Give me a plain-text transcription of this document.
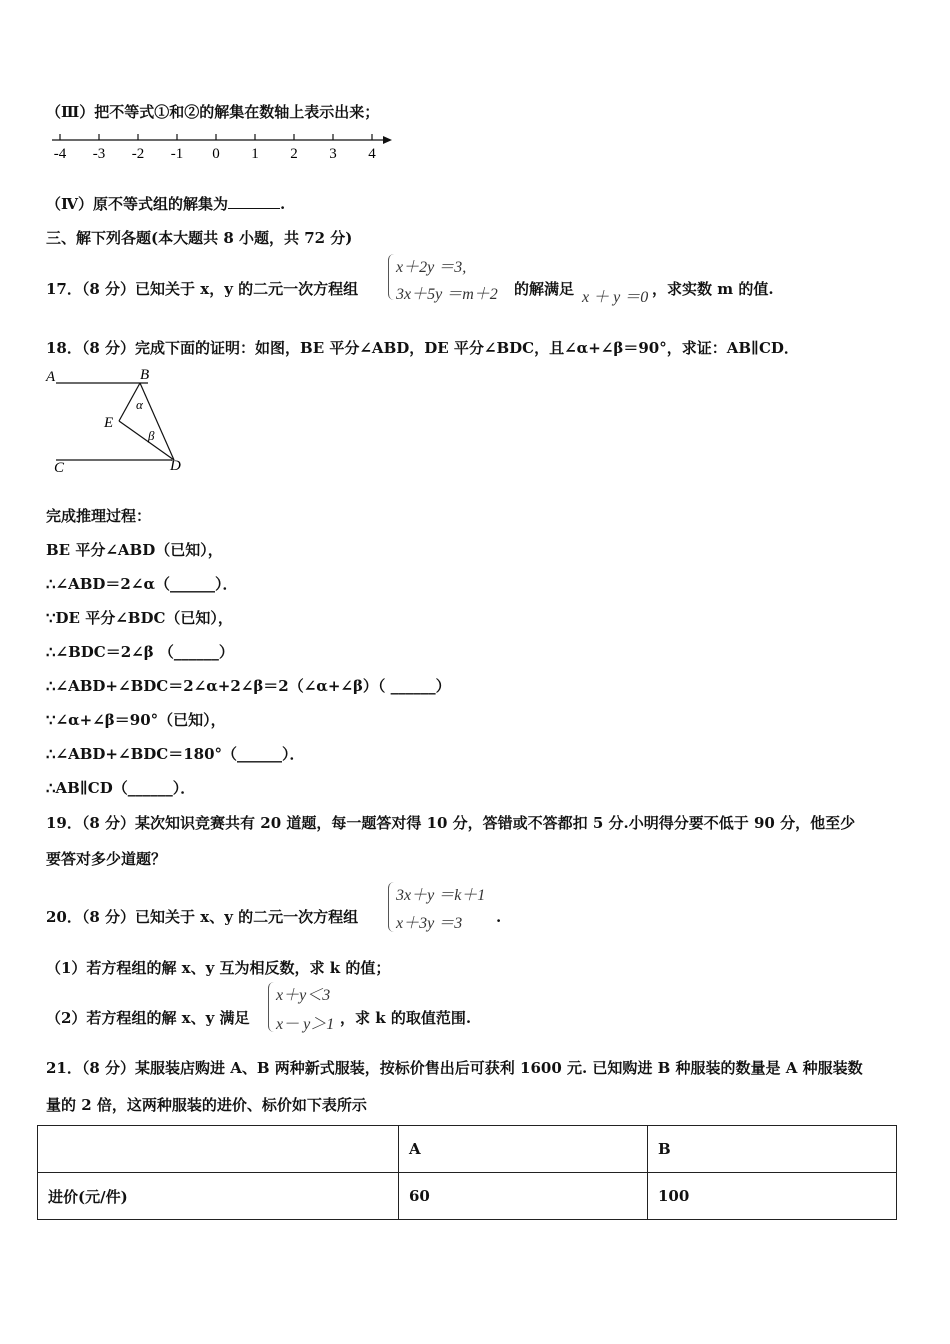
（Ⅲ）把不等式①和②的解集在数轴上表示出来；
-4 -3 -2 -1 0 1 2 3 4
（Ⅳ）原不等式组的解集为	.
三、解下列各题(本大题共 8 小题，共 72 分)
17．（8 分）已知关于 x，y 的二元一次方程组
x＋2y ＝3,
3x＋5y ＝m＋2 的解满足 x ＋ y ＝0 ，求实数 m 的值.
18．（8 分）完成下面的证明：如图，BE 平分∠ABD，DE 平分∠BDC，且∠α+∠β＝90°，求证：AB∥CD．
A	B
E
C	D
α
β
完成推理过程：
BE 平分∠ABD（已知），
∴∠ABD＝2∠α（______）．
∵DE 平分∠BDC（已知），
∴∠BDC＝2∠β （______）
∴∠ABD+∠BDC＝2∠α+2∠β＝2（∠α+∠β）（ ______）
∵∠α+∠β＝90°（已知），
∴∠ABD+∠BDC＝180°（______）．
∴AB∥CD（______）．
19．（8 分）某次知识竞赛共有 20 道题，每一题答对得 10 分，答错或不答都扣 5 分.小明得分要不低于 90 分，他至少
要答对多少道题？
20．（8 分）已知关于 x、y 的二元一次方程组
3x＋y ＝k＋1
x＋3y ＝3 .
（1）若方程组的解 x、y 互为相反数，求 k 的值；
（2）若方程组的解 x、y 满足
x＋y＜3
x－ y＞1 ，求 k 的取值范围.
21．（8 分）某服装店购进 A、B 两种新式服装，按标价售出后可获利 1600 元. 已知购进 B 种服装的数量是 A 种服装数
量的 2 倍，这两种服装的进价、标价如下表所示
	A	B
进价(元/件)	60	100
